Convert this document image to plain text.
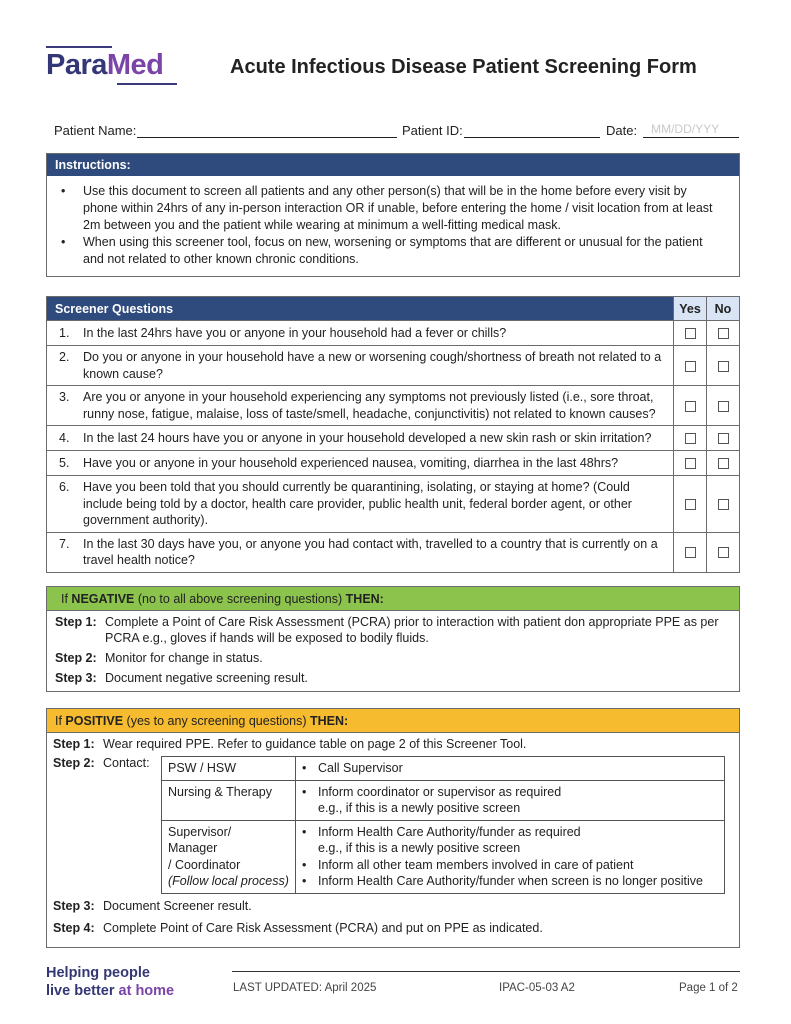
ParaMed	Acute Infectious Disease Patient Screening Form
Patient Name:	Patient ID:	Date:	MM/DD/YYY
Instructions:
• Use this document to screen all patients and any other person(s) that will be in the home before every visit by phone within 24hrs of any in-person interaction OR if unable, before entering the home / visit location from at least 2m between you and the patient while wearing at minimum a well-fitting medical mask.
• When using this screener tool, focus on new, worsening or symptoms that are different or unusual for the patient and not related to other known chronic conditions.
Screener Questions	Yes	No

1. In the last 24hrs have you or anyone in your household had a fever or chills?		

2. Do you or anyone in your household have a new or worsening cough/shortness of breath not related to a known cause?		

3. Are you or anyone in your household experiencing any symptoms not previously listed (i.e., sore throat, runny nose, fatigue, malaise, loss of taste/smell, headache, conjunctivitis) not related to known causes?		

4. In the last 24 hours have you or anyone in your household developed a new skin rash or skin irritation?		

5. Have you or anyone in your household experienced nausea, vomiting, diarrhea in the last 48hrs?		

6. Have you been told that you should currently be quarantining, isolating, or staying at home? (Could include being told by a doctor, health care provider, public health unit, federal border agent, or other government authority).		

7. In the last 30 days have you, or anyone you had contact with, travelled to a country that is currently on a travel health notice?		

If NEGATIVE (no to all above screening questions) THEN:
Step 1: Complete a Point of Care Risk Assessment (PCRA) prior to interaction with patient don appropriate PPE as per PCRA e.g., gloves if hands will be exposed to bodily fluids.
Step 2: Monitor for change in status.
Step 3: Document negative screening result.
If POSITIVE (yes to any screening questions) THEN:
Step 1: Wear required PPE. Refer to guidance table on page 2 of this Screener Tool.
Step 2: Contact:	PSW / HSW	• Call Supervisor

Nursing & Therapy	• Inform coordinator or supervisor as required
e.g., if this is a newly positive screen

Supervisor/
Manager
/ Coordinator
(Follow local process)

• Inform Health Care Authority/funder as required
e.g., if this is a newly positive screen
• Inform all other team members involved in care of patient
• Inform Health Care Authority/funder when screen is no longer positive
Step 3: Document Screener result.
Step 4: Complete Point of Care Risk Assessment (PCRA) and put on PPE as indicated.
Helping people
live better at home	LAST UPDATED: April 2025	IPAC-05-03 A2	Page 1 of 2
